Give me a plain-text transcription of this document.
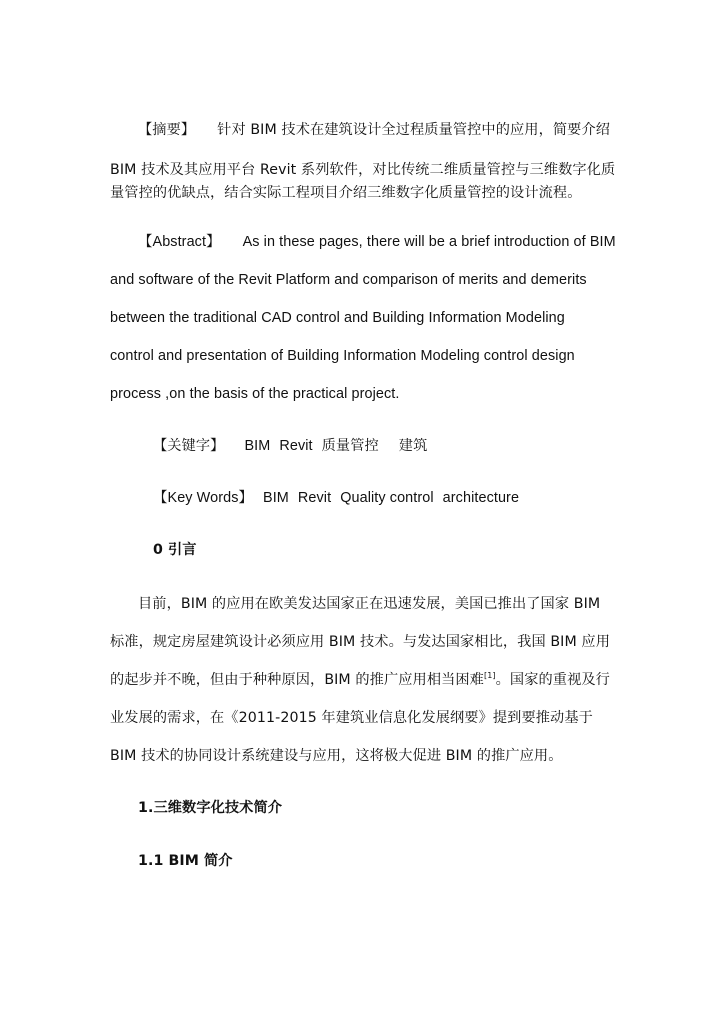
【摘要】 针对 BIM 技术在建筑设计全过程质量管控中的应用，简要介绍
BIM 技术及其应用平台 Revit 系列软件，对比传统二维质量管控与三维数字化质
量管控的优缺点，结合实际工程项目介绍三维数字化质量管控的设计流程。
【Abstract】 As in these pages, there will be a brief introduction of BIM
and software of the Revit Platform and comparison of merits and demerits
between the traditional CAD control and Building Information Modeling
control and presentation of Building Information Modeling control design
process ,on the basis of the practical project.
【关键字】 BIM Revit 质量管控 建筑
【Key Words】 BIM Revit Quality control architecture
0 引言
目前，BIM 的应用在欧美发达国家正在迅速发展，美国已推出了国家 BIM
标准，规定房屋建筑设计必须应用 BIM 技术。与发达国家相比，我国 BIM 应用
的起步并不晚，但由于种种原因，BIM 的推广应用相当困难[1]。国家的重视及行
业发展的需求，在《2011-2015 年建筑业信息化发展纲要》提到要推动基于
BIM 技术的协同设计系统建设与应用，这将极大促进 BIM 的推广应用。
1.三维数字化技术简介
1.1 BIM 简介
